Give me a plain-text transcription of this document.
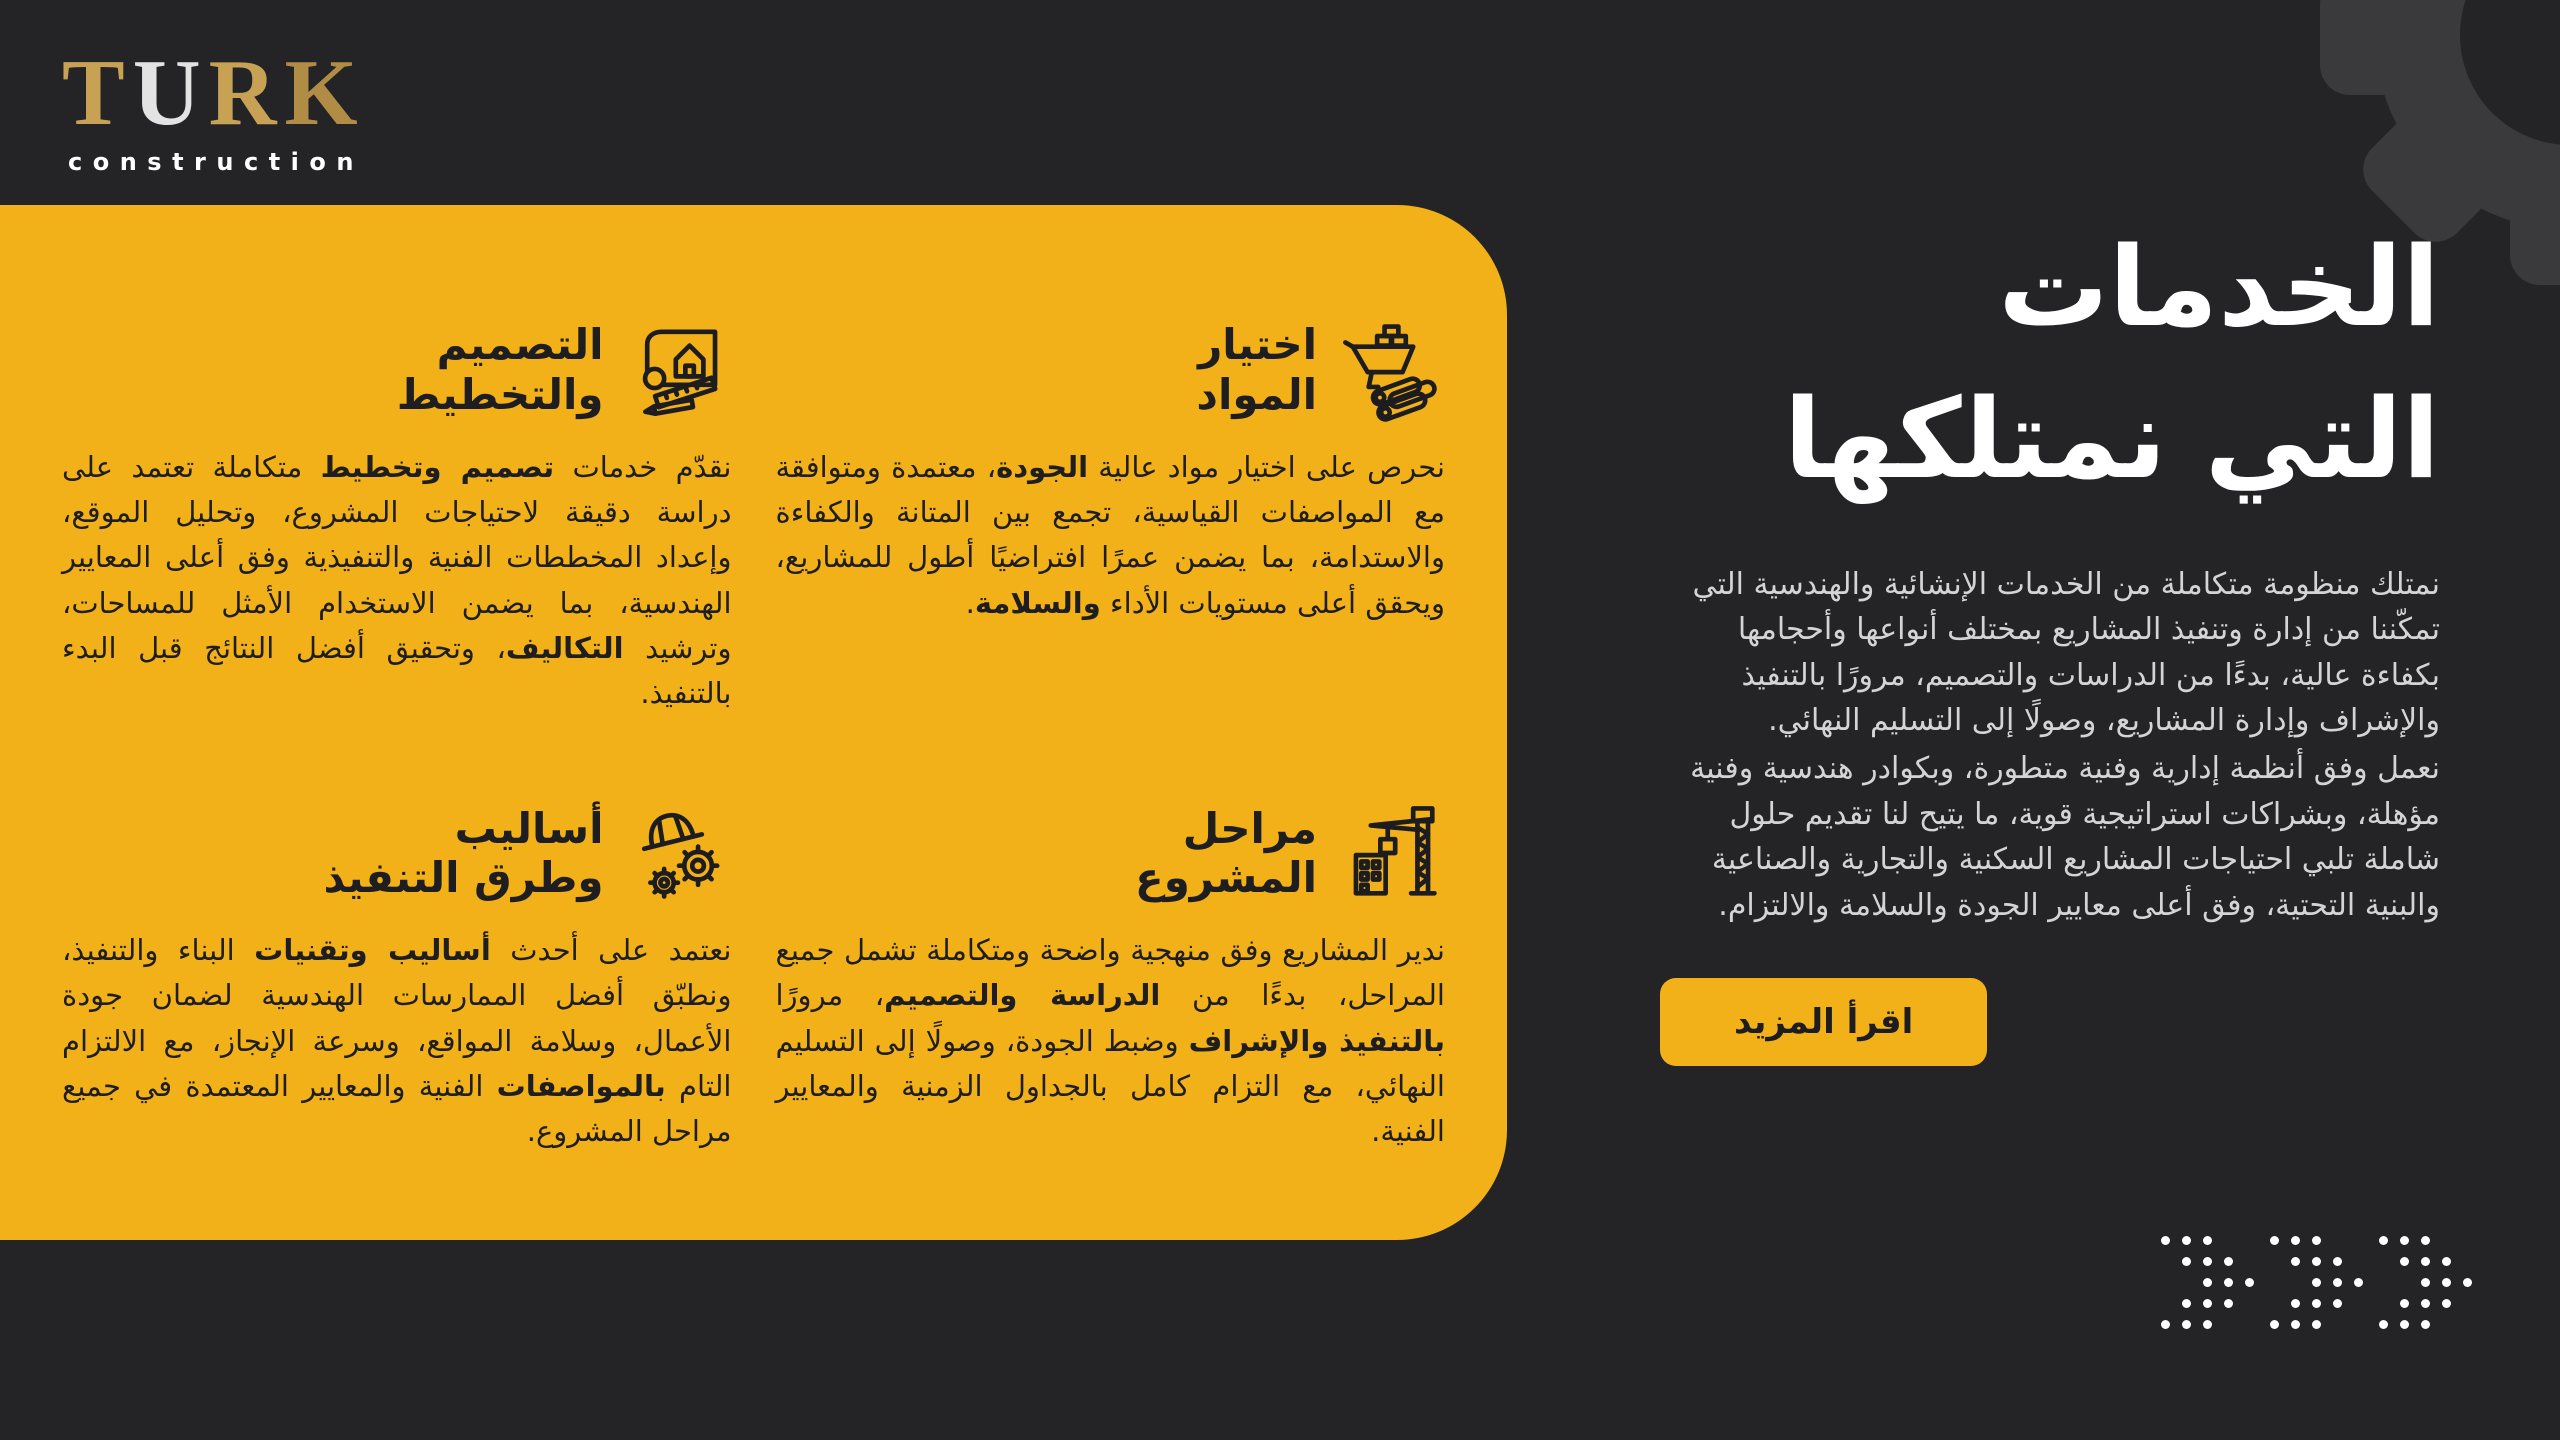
T U R K
construction
اختيار
المواد

نحرص على اختيار مواد عالية الجودة، معتمدة ومتوافقة مع المواصفات القياسية، تجمع بين المتانة والكفاءة والاستدامة، بما يضمن عمرًا افتراضيًا أطول للمشاريع، ويحقق أعلى مستويات الأداء والسلامة.

التصميم
والتخطيط

نقدّم خدمات تصميم وتخطيط متكاملة تعتمد على دراسة دقيقة لاحتياجات المشروع، وتحليل الموقع، وإعداد المخططات الفنية والتنفيذية وفق أعلى المعايير الهندسية، بما يضمن الاستخدام الأمثل للمساحات، وترشيد التكاليف، وتحقيق أفضل النتائج قبل البدء بالتنفيذ.

مراحل
المشروع

ندير المشاريع وفق منهجية واضحة ومتكاملة تشمل جميع المراحل، بدءًا من الدراسة والتصميم، مرورًا بالتنفيذ والإشراف وضبط الجودة، وصولًا إلى التسليم النهائي، مع التزام كامل بالجداول الزمنية والمعايير الفنية.

أساليب
وطرق التنفيذ

نعتمد على أحدث أساليب وتقنيات البناء والتنفيذ، ونطبّق أفضل الممارسات الهندسية لضمان جودة الأعمال، وسلامة المواقع، وسرعة الإنجاز، مع الالتزام التام بالمواصفات الفنية والمعايير المعتمدة في جميع مراحل المشروع.

الخدمات
التي نمتلكها

نمتلك منظومة متكاملة من الخدمات الإنشائية والهندسية التي تمكّننا من إدارة وتنفيذ المشاريع بمختلف أنواعها وأحجامها بكفاءة عالية، بدءًا من الدراسات والتصميم، مرورًا بالتنفيذ والإشراف وإدارة المشاريع، وصولًا إلى التسليم النهائي.

نعمل وفق أنظمة إدارية وفنية متطورة، وبكوادر هندسية وفنية مؤهلة، وبشراكات استراتيجية قوية، ما يتيح لنا تقديم حلول شاملة تلبي احتياجات المشاريع السكنية والتجارية والصناعية والبنية التحتية، وفق أعلى معايير الجودة والسلامة والالتزام.

اقرأ المزيد
